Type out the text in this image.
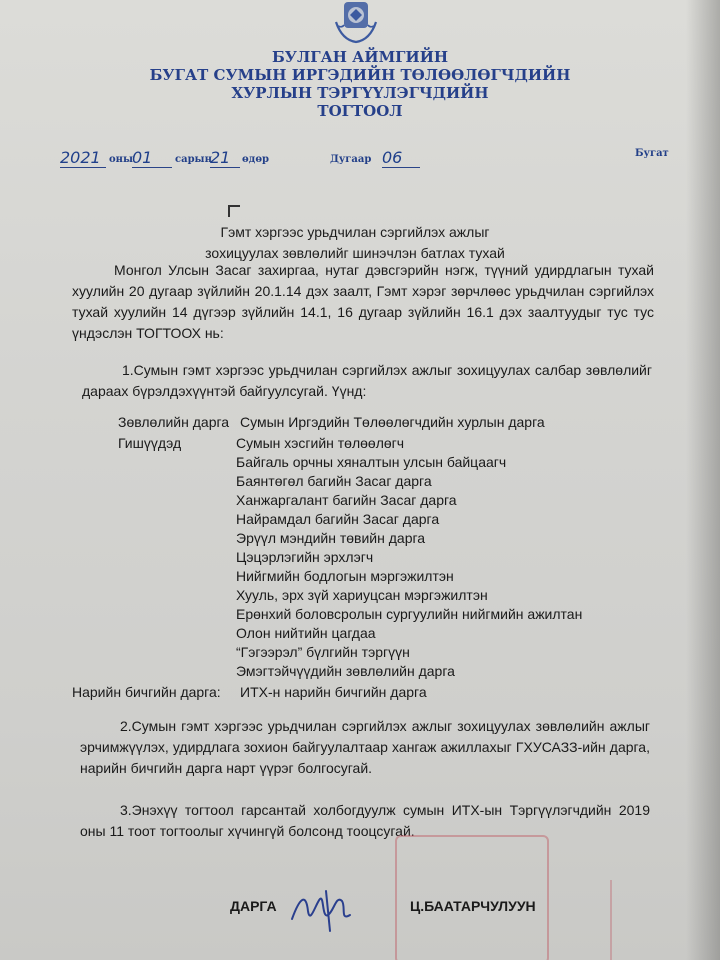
БУЛГАН АЙМГИЙН
БУГАТ СУМЫН ИРГЭДИЙН ТӨЛӨӨЛӨГЧДИЙН
ХУРЛЫН ТЭРГҮҮЛЭГЧДИЙН
ТОГТООЛ
2021 оны
01	сарын
21	өдөр	Дугаар 06	Бугат
Гэмт хэргээс урьдчилан сэргийлэх ажлыг
зохицуулах зөвлөлийг шинэчлэн батлах тухай
Монгол Улсын Засаг захиргаа, нутаг дэвсгэрийн нэгж, түүний удирдлагын тухай хуулийн 20 дугаар зүйлийн 20.1.14 дэх заалт, Гэмт хэрэг зөрчлөөс урьдчилан сэргийлэх тухай хуулийн 14 дүгээр зүйлийн 14.1, 16 дугаар зүйлийн 16.1 дэх заалтуудыг тус тус үндэслэн ТОГТООХ нь:
1.Сумын гэмт хэргээс урьдчилан сэргийлэх ажлыг зохицуулах салбар зөвлөлийг дараах бүрэлдэхүүнтэй байгуулсугай. Үүнд:
Зөвлөлийн дарга Сумын Иргэдийн Төлөөлөгчдийн хурлын дарга
Гишүүдэд	Сумын хэсгийн төлөөлөгч
Байгаль орчны хяналтын улсын байцаагч
Баянтөгөл багийн Засаг дарга
Ханжаргалант багийн Засаг дарга
Найрамдал багийн Засаг дарга
Эрүүл мэндийн төвийн дарга
Цэцэрлэгийн эрхлэгч
Нийгмийн бодлогын мэргэжилтэн
Хууль, эрх зүй хариуцсан мэргэжилтэн
Ерөнхий боловсролын сургуулийн нийгмийн ажилтан
Олон нийтийн цагдаа
“Гэгээрэл” бүлгийн тэргүүн
Эмэгтэйчүүдийн зөвлөлийн дарга
Нарийн бичгийн дарга: ИТХ-н нарийн бичгийн дарга
2.Сумын гэмт хэргээс урьдчилан сэргийлэх ажлыг зохицуулах зөвлөлийн ажлыг эрчимжүүлэх, удирдлага зохион байгуулалтаар хангаж ажиллахыг ГХУСАЗЗ-ийн дарга, нарийн бичгийн дарга нарт үүрэг болгосугай.
3.Энэхүү тогтоол гарсантай холбогдуулж сумын ИТХ-ын Тэргүүлэгчдийн 2019 оны 11 тоот тогтоолыг хүчингүй болсонд тооцсугай.
ДАРГА	Ц.БААТАРЧУЛУУН
